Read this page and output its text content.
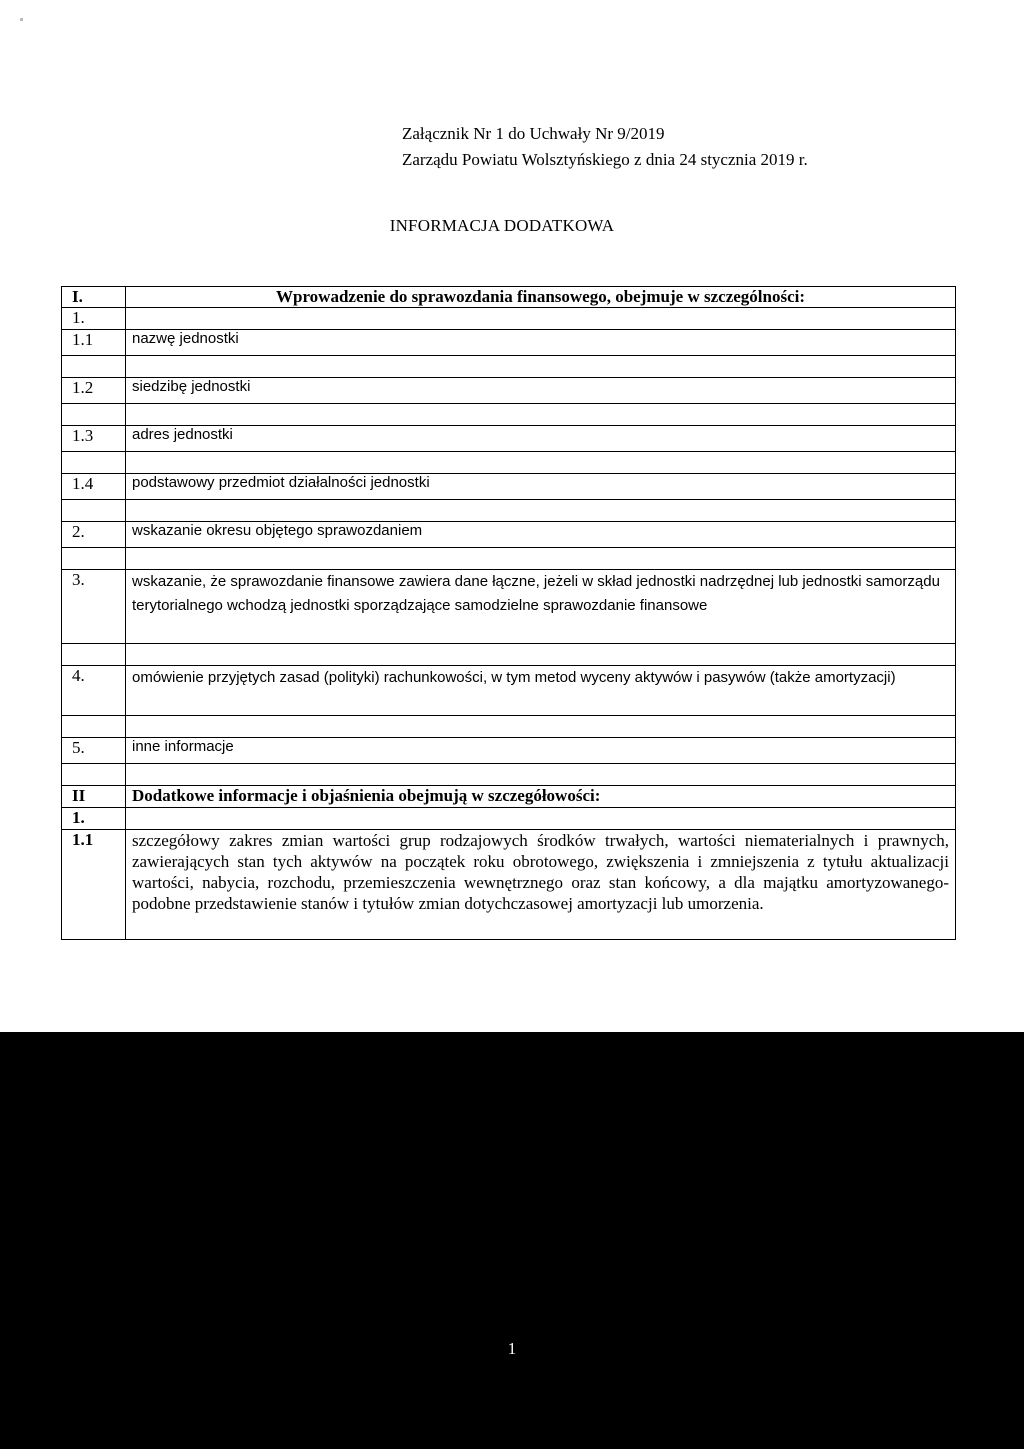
Załącznik Nr 1 do Uchwały Nr 9/2019
Zarządu Powiatu Wolsztyńskiego z dnia 24 stycznia 2019 r.
INFORMACJA DODATKOWA
I.	Wprowadzenie do sprawozdania finansowego, obejmuje w szczególności:
1.	
1.1	nazwę jednostki

1.2	siedzibę jednostki

1.3	adres jednostki

1.4	podstawowy przedmiot działalności jednostki

2.	wskazanie okresu objętego sprawozdaniem

3.	wskazanie, że sprawozdanie finansowe zawiera dane łączne, jeżeli w skład jednostki nadrzędnej lub jednostki samorządu terytorialnego wchodzą jednostki sporządzające samodzielne sprawozdanie finansowe

4.	omówienie przyjętych zasad (polityki) rachunkowości, w tym metod wyceny aktywów i pasywów (także amortyzacji)

5.	inne informacje

II	Dodatkowe informacje i objaśnienia obejmują w szczegółowości:
1.	
1.1	szczegółowy zakres zmian wartości grup rodzajowych środków trwałych, wartości niematerialnych i prawnych, zawierających stan tych aktywów na początek roku obrotowego, zwiększenia i zmniejszenia z tytułu aktualizacji wartości, nabycia, rozchodu, przemieszczenia wewnętrznego oraz stan końcowy, a dla majątku amortyzowanego- podobne przedstawienie stanów i tytułów zmian dotychczasowej amortyzacji lub umorzenia.
1
